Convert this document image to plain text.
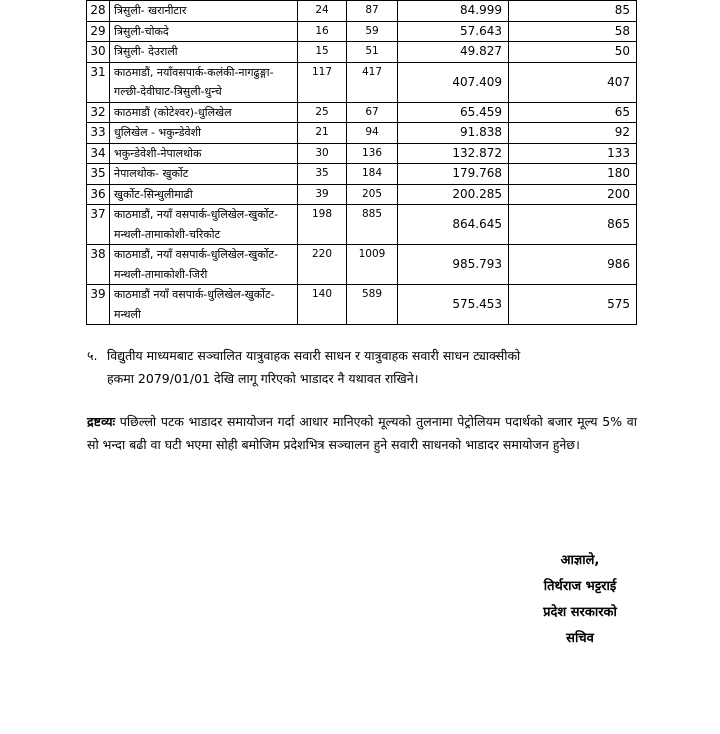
28	त्रिसुली- खरानीटार	24	87	84.999	85
29	त्रिसुली-चोकदे	16	59	57.643	58
30	त्रिसुली- देउराली	15	51	49.827	50
31	काठमाडौं, नयाँवसपार्क-कलंकी-नागढुङ्गा-गल्छी-देवीघाट-त्रिसुली-धुन्चे	117	417	407.409	407
32	काठमाडौं (कोटेश्वर)-धुलिखेल	25	67	65.459	65
33	धुलिखेल - भकुन्डेवेशी	21	94	91.838	92
34	भकुन्डेवेशी-नेपालथोक	30	136	132.872	133
35	नेपालथोक- खुर्कोट	35	184	179.768	180
36	खुर्कोट-सिन्धुलीमाढी	39	205	200.285	200
37	काठमाडौं, नयाँ वसपार्क-धुलिखेल-खुर्कोट-मन्थली-तामाकोशी-चरिकोट	198	885	864.645	865
38	काठमाडौं, नयाँ वसपार्क-धुलिखेल-खुर्कोट-मन्थली-तामाकोशी-जिरी	220	1009	985.793	986
39	काठमाडौं नयाँ वसपार्क-धुलिखेल-खुर्कोट-मन्थली	140	589	575.453	575
५. विद्युतीय माध्यमबाट सञ्चालित यात्रुवाहक सवारी साधन र यात्रुवाहक सवारी साधन ट्याक्सीको
हकमा 2079/01/01 देखि लागू गरिएको भाडादर नै यथावत राखिने।
द्रष्टव्यः पछिल्लो पटक भाडादर समायोजन गर्दा आधार मानिएको मूल्यको तुलनामा पेट्रोलियम पदार्थको बजार मूल्य 5% वा सो भन्दा बढी वा घटी भएमा सोही बमोजिम प्रदेशभित्र सञ्चालन हुने सवारी साधनको भाडादर समायोजन हुनेछ।
आज्ञाले,
तिर्थराज भट्टराई
प्रदेश सरकारको
सचिव
